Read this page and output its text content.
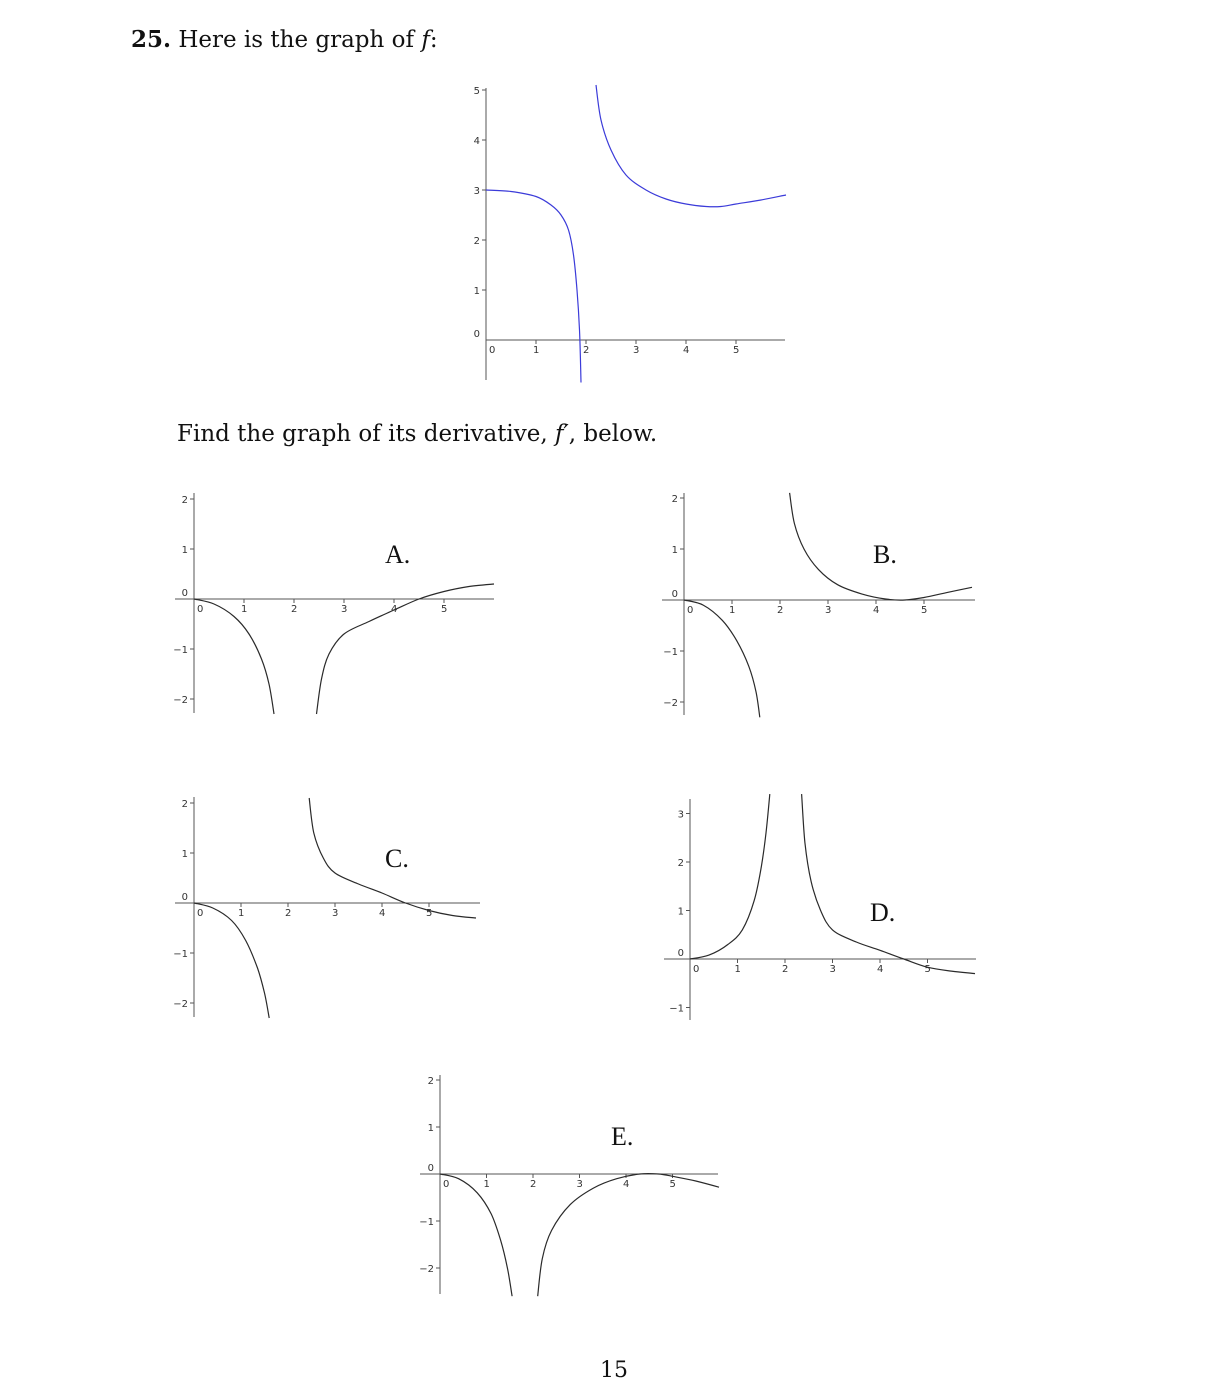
25. Here is the graph of f:
0	1	2	3	4	5
0
1
2
3
4
5
Find the graph of its derivative, f′, below.
0	1	2	3	4	5
2
1
0
−1
−2
A.
0	1	2	3	4	5
2
1
0
−1
−2
B.
0	1	2	3	4	5
2
1
0
−1
−2
C.
0	1	2	3	4	5
3
2
1
0
−1
D.
0	1	2	3	4	5
2
1
0
−1
−2
E.
15
